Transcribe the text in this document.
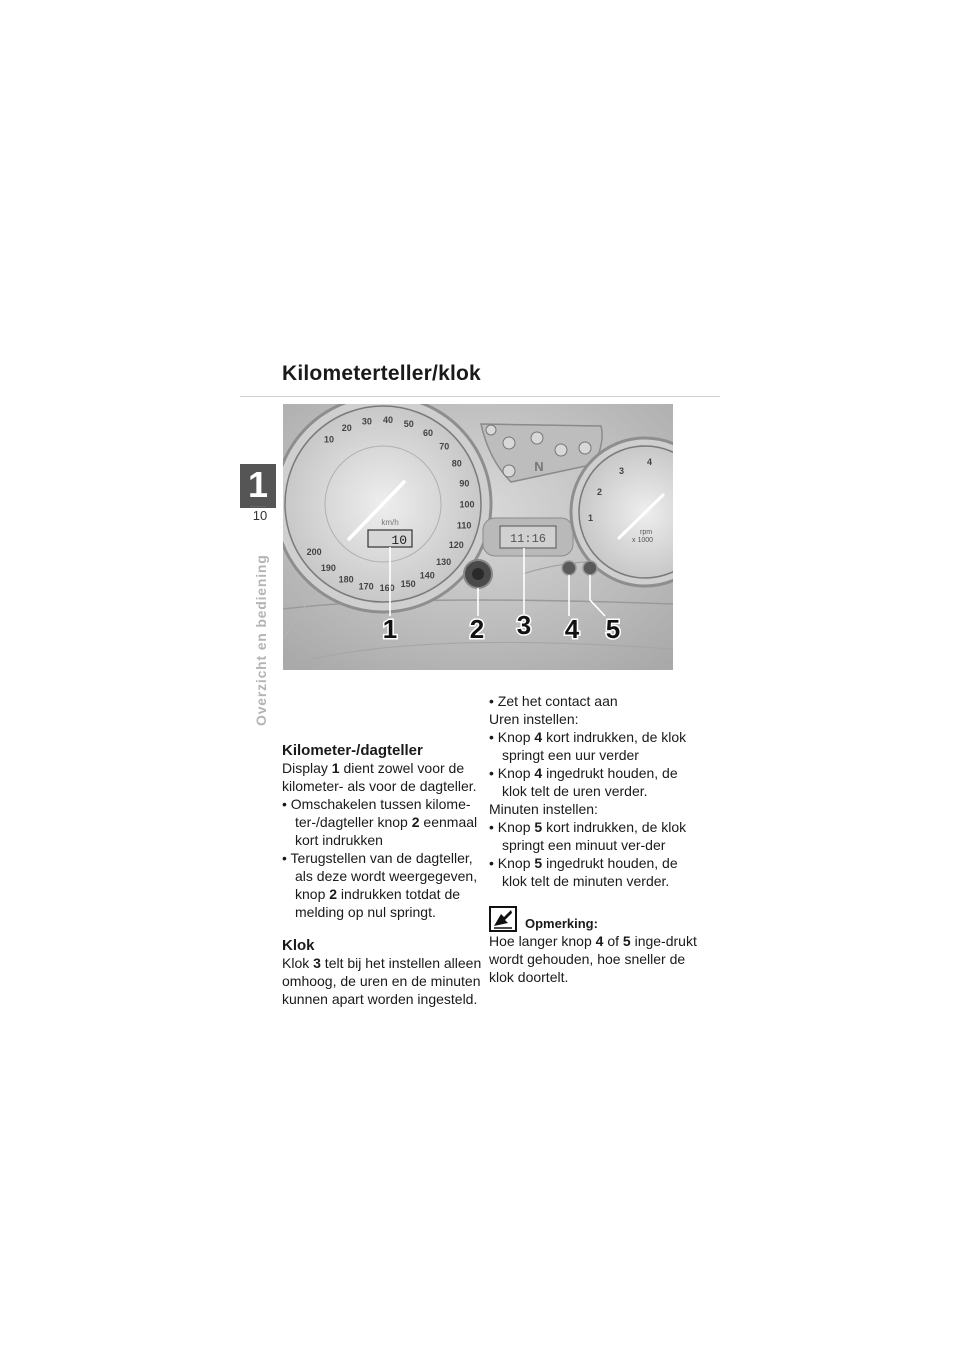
Kilometerteller/klok
1
10
Overzicht en bediening
10
20
30 40 50
60
70
80
90
100
110
120
130
140
150
160
170
180
190
200
km/h
10
N
11:16
1
2
3
4
rpm
x 1000
1	2 3 4 5
Kilometer-/dagteller

Display 1 dient zowel voor de kilometer- als voor de dagteller.

• Omschakelen tussen kilome-ter-/dagteller knop 2 eenmaal kort indrukken
• Terugstellen van de dagteller, als deze wordt weergegeven, knop 2 indrukken totdat de melding op nul springt.
Klok

Klok 3 telt bij het instellen alleen omhoog, de uren en de minuten kunnen apart worden ingesteld.

• Zet het contact aan

Uren instellen:

• Knop 4 kort indrukken, de klok springt een uur verder
• Knop 4 ingedrukt houden, de klok telt de uren verder.

Minuten instellen:

• Knop 5 kort indrukken, de klok springt een minuut ver-der
• Knop 5 ingedrukt houden, de klok telt de minuten verder.
Opmerking:

Hoe langer knop 4 of 5 inge-drukt wordt gehouden, hoe sneller de klok doortelt.
